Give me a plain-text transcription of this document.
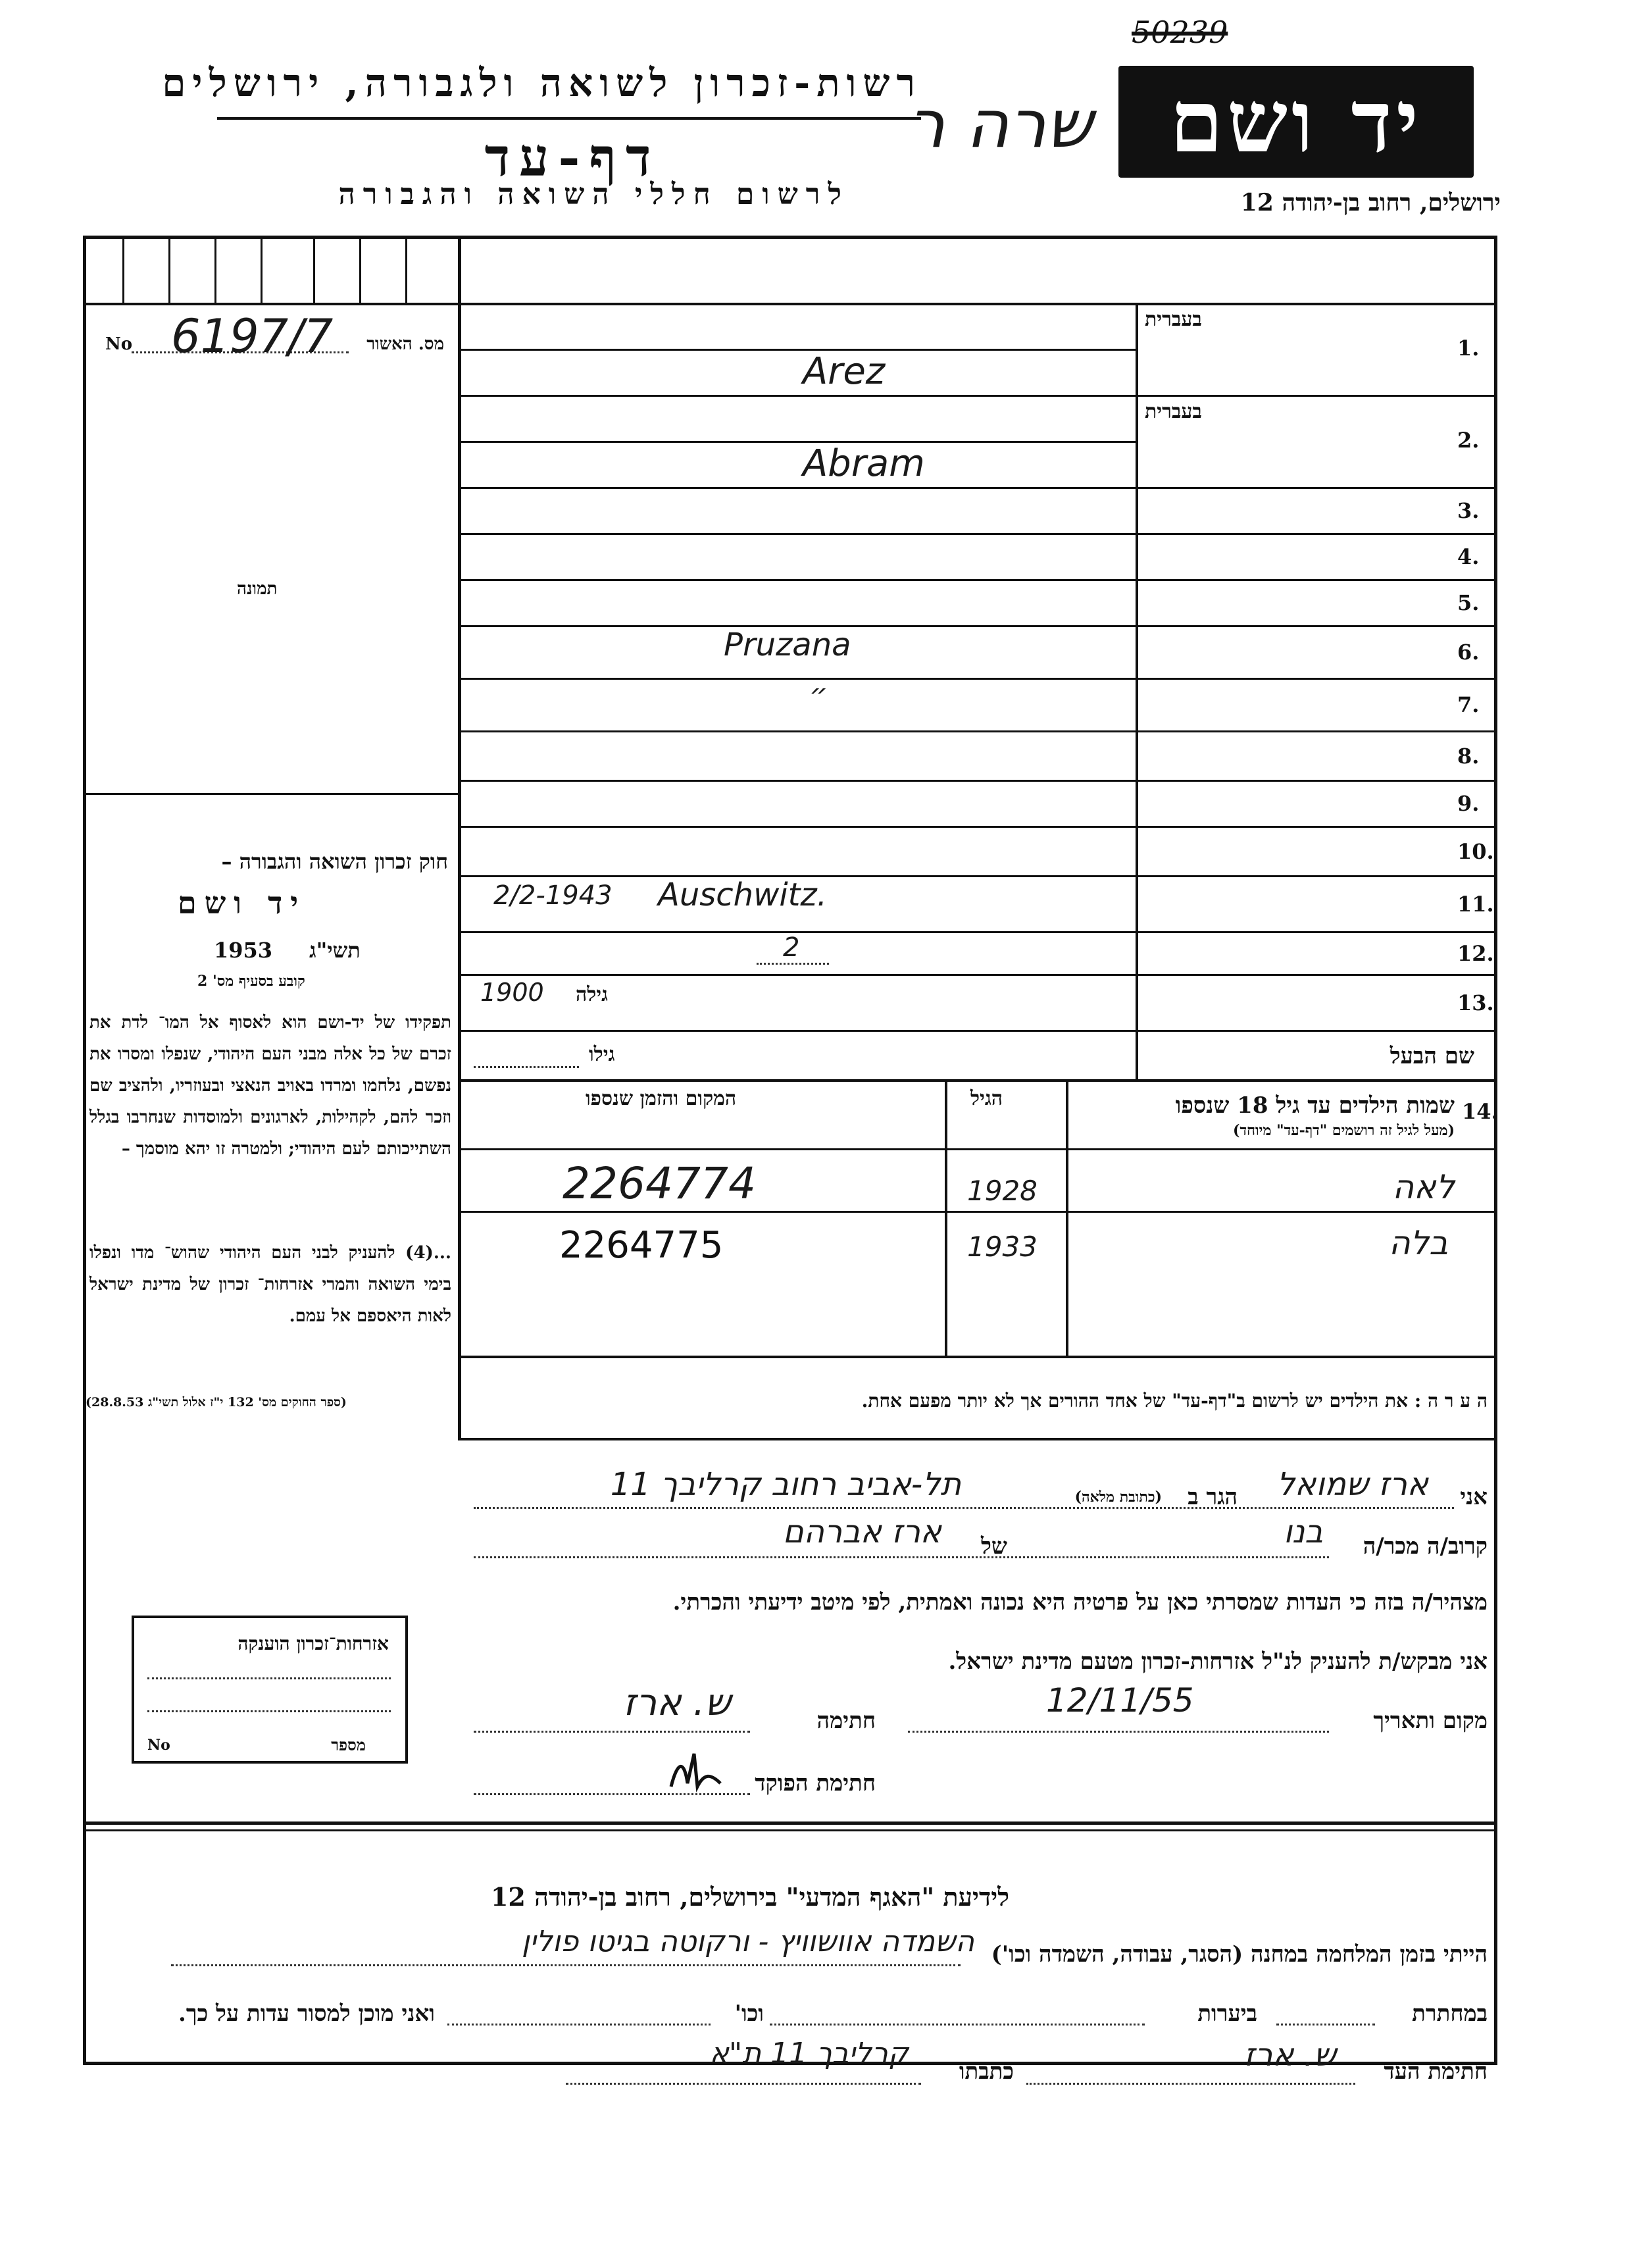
50239
רשות-זכרון לשואה ולגבורה, ירושלים
דף-עד
לרשום חללי השואה והגבורה
שרה ר יד ושם
ירושלים, רחוב בן-יהודה 12
No 6197/7 מס. האשור
תמונה
חוק זכרון השואה והגבורה –
יד ושם
תשי"ג
1953
קובע בסעיף מס' 2
תפקידו של יד-ושם הוא לאסוף אל המו־ לדת את זכרם של כל אלה מבני העם היהודי, שנפלו ומסרו את נפשם, נלחמו ומרדו באויב הנאצי ובעוזריו, ולהציב שם וזכר להם, לקהילות, לארגונים ולמוסדות שנחרבו בגלל השתייכותם לעם היהודי; ולמטרה זו יהא מוסמך –
...(4) להעניק לבני העם היהודי שהוש־ מדו ונפלו בימי השואה והמרי אזרחות־ זכרון של מדינת ישראל לאות היאספם אל עמם.
(ספר החוקים מס' 132 י"ז אלול תשי"ג 28.8.53)
1.
בעברית
Arez
2.
בעברית
Abram
3.
4.
5.
6.
Pruzana
7.
״
8.
9.
10.
11.
Auschwitz.
2/2-1943
12.
2
13.
גילה
1900
שם הבעל
גילו
14.
שמות הילדים עד גיל 18 שנספו
(מעל לגיל זה רושמים "דף-עד" מיוחד)
הגיל
המקום והזמן שנספו
לאה
1928
2264774
בלה
1933
2264775
ה ע ר ה : את הילדים יש לרשום ב"דף-עד" של אחד ההורים אך לא יותר מפעם אחת.
אני
ארז שמואל
הגר ב
(כתובת מלאה)
תל-אביב רחוב קרליבך 11
קרוב/ה מכר/ה
בנו
של
ארז אברהם
מצהיר/ה בזה כי העדות שמסרתי כאן על פרטיה היא נכונה ואמתית, לפי מיטב ידיעתי והכרתי.
אני מבקש/ת להעניק לנ"ל אזרחות-זכרון מטעם מדינת ישראל.
מקום ותאריך
12/11/55
חתימה
ש. ארז
חתימת הפוקד
אזרחות־זכרון הוענקה
No	מספר
לידיעת "האגף המדעי" בירושלים, רחוב בן-יהודה 12
הייתי בזמן המלחמה במחנה (הסגר, עבודה, השמדה וכו')
השמדה אוושוויץ - ורקוטה בגיטו פולין
במחתרת
ביערות
וכו'
ואני מוכן למסור עדות על כך.
חתימת העד
ש. ארז
כתבתו
קרליבך 11 ת"א
